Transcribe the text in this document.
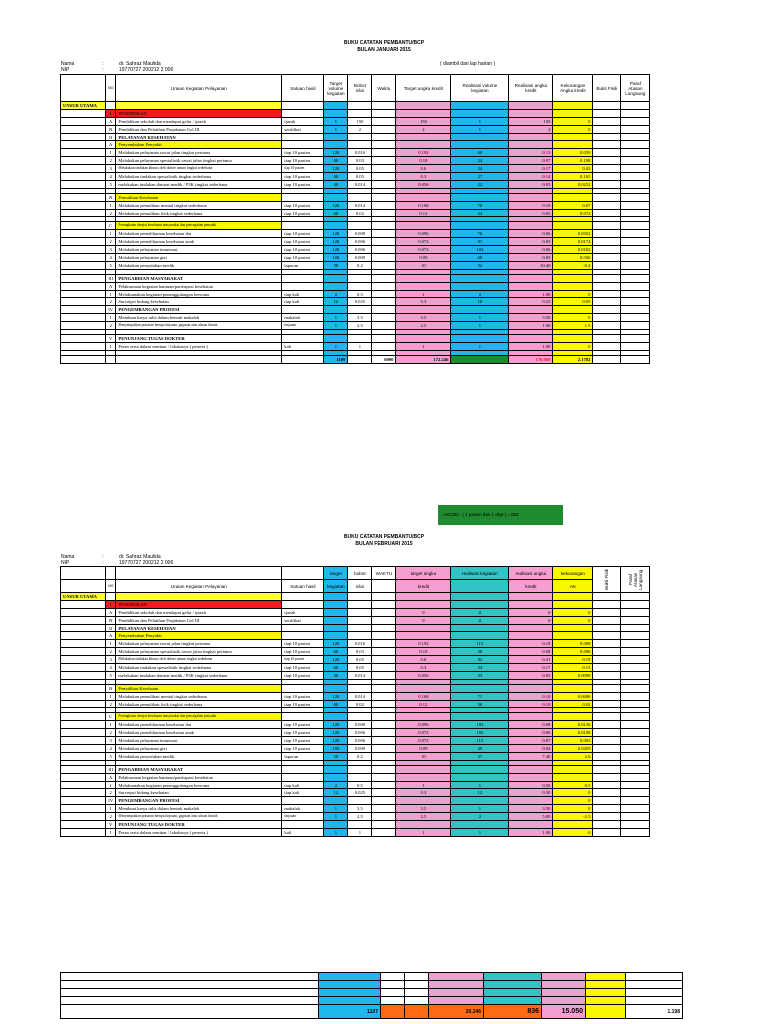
BUKU CATATAN PEMBANTU/BCP
BULAN JANUARI 2015
Nama	:	dr. Sahraz Maulida
NIP	:	19770727 200212 2 006
( diambil dari lap harian )
	NO	Uraian Kegiatan Pelayanan	Satuan hasil	Target volume kegiatan	Bobot nilai	Waktu	Target angka kredit	Realisasi volume kegiatan	Realisasi angka kredit	Kekurangan Angka kredit	Bukti Fisik	Paraf Atasan Langsung
UNSUR UTAMA												
	I	PENDIDIKAN										
	A	Pendidikan sekolah dan mendapat gelar / ijazah	ijazah	1	150		150	1	150	0		
	B	Pendidikan dan Pelatihan Prajabatan Gol III	sertifikat	1	2		2	1	2	0		
	II	PELAYANAN KESEHATAN										
	A	Penyembuhan Penyakit										
	1	Melakukan pelayanan rawat jalan tingkat pertama	tiap 10 pasien	120	0.016		0.192	60	0.13	0.059		
	2	Melakukan pelayanan spesialistik rawat jalan tingkat pertama	tiap 10 pasien	60	0.03		0.18	24	0.07	0.108		
	3	Melakukan tindakan khusus oleh dokter umum tingkat sederhana	tiap 10 pasien	120	0.05		0.6	34	0.17	0.43		
	4	Melakukan tindakan spesialistik tingkat sederhana	tiap 10 pasien	60	0.05		0.3	27	0.14	0.165		
	5	melakukan tindakan darurat medik / P3K tingkat sederhana	tiap 10 pasien	40	0.014		0.056	22	0.03	0.0252		

	B	Pemulihan Kesehatan										
	1	Melakukan pemulihan mental tingkat sederhana	tiap 10 pasien	120	0.014		0.168	70	0.10	0.07		
	2	Melakukan pemulihan fisik tingkat sederhana	tiap 10 pasien	60	0.02		0.12	24	0.05	0.072		

	C	Peningkatan derajat kesehatan masyarakat dan pencegahan penyakit										
	1	Melakukan pemeliharaan kesehatan ibu	tiap 10 pasien	120	0.008		0.096	76	0.06	0.0352		
	2	Melakukan pemeliharaan kesehatan anak	tiap 10 pasien	120	0.006		0.072	91	0.05	0.0174		
	3	Melakukan pelayanan imunisasi	tiap 10 pasien	120	0.006		0.072	103	0.06	0.0102		
	4	Melakukan pelayanan gizi	tiap 10 pasien	100	0.009		0.09	60	0.05	0.036		
	5	Melakukan penyuluhan medik	laporan	50	0.2		10	52	10.40	-0.4		

	III	PENGABDIAN MASYARAKAT										
	A	Pelaksanaan kegiatan bantuan/partisipasi kesehatan										
	1	Melaksanakan kegiatan penanggulangan bencana	tiap kali	2	0.5		1	2	1.00	0		
	2	Surveipsi bidang kesehatan	tiap kali	12	0.025		0.3	10	0.25	0.05		
	IV	PENGEMBANGAN PROFESI										
	1	Membuat karya tulis dalam bentuk makalah	makalah	1	3.5		3.5	1	3.50	0		
	2	Menyampaikan prasaran berupa tinjauan, gagasan atau ulasan ilmiah	tinjauan	1	2.5		2.5	1	1.00	1.5		

	V	PENUNJANG TUGAS DOKTER										
	1	Peran serta dalam seminar / lokakarya ( peserta )	kali	1	1		1	1	1.00	0		

				1109		6000	172.246		170.068	2.1782		
=A0.083 - ( 1 pasien dan 1 obyt ) = 083
BUKU CATATAN PEMBANTU/BCP
BULAN FEBRUARI 2015
Nama	:	dr. Sahraz Maulida
NIP	:	19770727 200212 2 006
				target	bobot	WAKTU	target angka	realisasi kegiatan	realisasi angka	kekurangan	Bukti Fisik	Paraf Atasan Langsung
	NO	Uraian Kegiatan Pelayanan	Satuan hasil	kegiatan	nilai		kredit		kredit	AK		
UNSUR UTAMA												
	I	PENDIDIKAN										
	A	Pendidikan sekolah dan mendapat gelar / ijazah	ijazah				0	0	0	0		
	B	Pendidikan dan Pelatihan Prajabatan Gol III	sertifikat				0	0	0	0		
	II	PELAYANAN KESEHATAN										
	A	Penyembuhan Penyakit										
	1	Melakukan pelayanan rawat jalan tingkat pertama	tiap 10 pasien	120	0.016		0.192	115	0.18	0.008		
	2	Melakukan pelayanan spesialistik rawat jalan tingkat pertama	tiap 10 pasien	60	0.03		0.18	28	0.08	0.096		
	3	Melakukan tindakan khusus oleh dokter umum tingkat sederhana	tiap 10 pasien	120	0.05		0.6	82	0.41	0.19		
	4	Melakukan tindakan spesialistik tingkat sederhana	tiap 10 pasien	60	0.05		0.3	34	0.17	0.13		
	5	melakukan tindakan darurat medik / P3K tingkat sederhana	tiap 10 pasien	40	0.014		0.056	33	0.05	0.0098		

	B	Pemulihan Kesehatan										
	1	Melakukan pemulihan mental tingkat sederhana	tiap 10 pasien	120	0.014		0.168	71	0.10	0.0686		
	2	Melakukan pemulihan fisik tingkat sederhana	tiap 10 pasien	60	0.02		0.12	50	0.10	0.02		

	C	Peningkatan derajat kesehatan masyarakat dan pencegahan penyakit										
	1	Melakukan pemeliharaan kesehatan ibu	tiap 10 pasien	120	0.008		0.096	103	0.08	0.0136		
	2	Melakukan pemeliharaan kesehatan anak	tiap 10 pasien	120	0.006		0.072	102	0.06	0.0108		
	3	Melakukan pelayanan imunisasi	tiap 10 pasien	120	0.006		0.072	115	0.07	0.003		
	4	Melakukan pelayanan gizi	tiap 10 pasien	100	0.009		0.09	49	0.04	0.0459		
	5	Melakukan penyuluhan medik	laporan	50	0.2		10	37	7.40	2.6		

	III	PENGABDIAN MASYARAKAT										
	A	Pelaksanaan kegiatan bantuan/partisipasi kesehatan										
	1	Melaksanakan kegiatan penanggulangan bencana	tiap kali	2	0.5		1	1	0.50	0.5		
	2	Surveipsi bidang kesehatan	tiap kali	12	0.025		0.3	12	0.30	0		
	IV	PENGEMBANGAN PROFESI								0		
	1	Membuat karya tulis dalam bentuk makalah	makalah	1	3.5		3.5	1	3.50	0		
	2	Menyampaikan prasaran berupa tinjauan, gagasan atau ulasan ilmiah	tinjauan	1	2.5		2.5	2	5.00	-2.5		
	V	PENUNJANG TUGAS DOKTER										
	1	Peran serta dalam seminar / lokakarya ( peserta )	kali	1	1		1	1	1.00	0		

	1107			20.246	836	15.050		1.198
